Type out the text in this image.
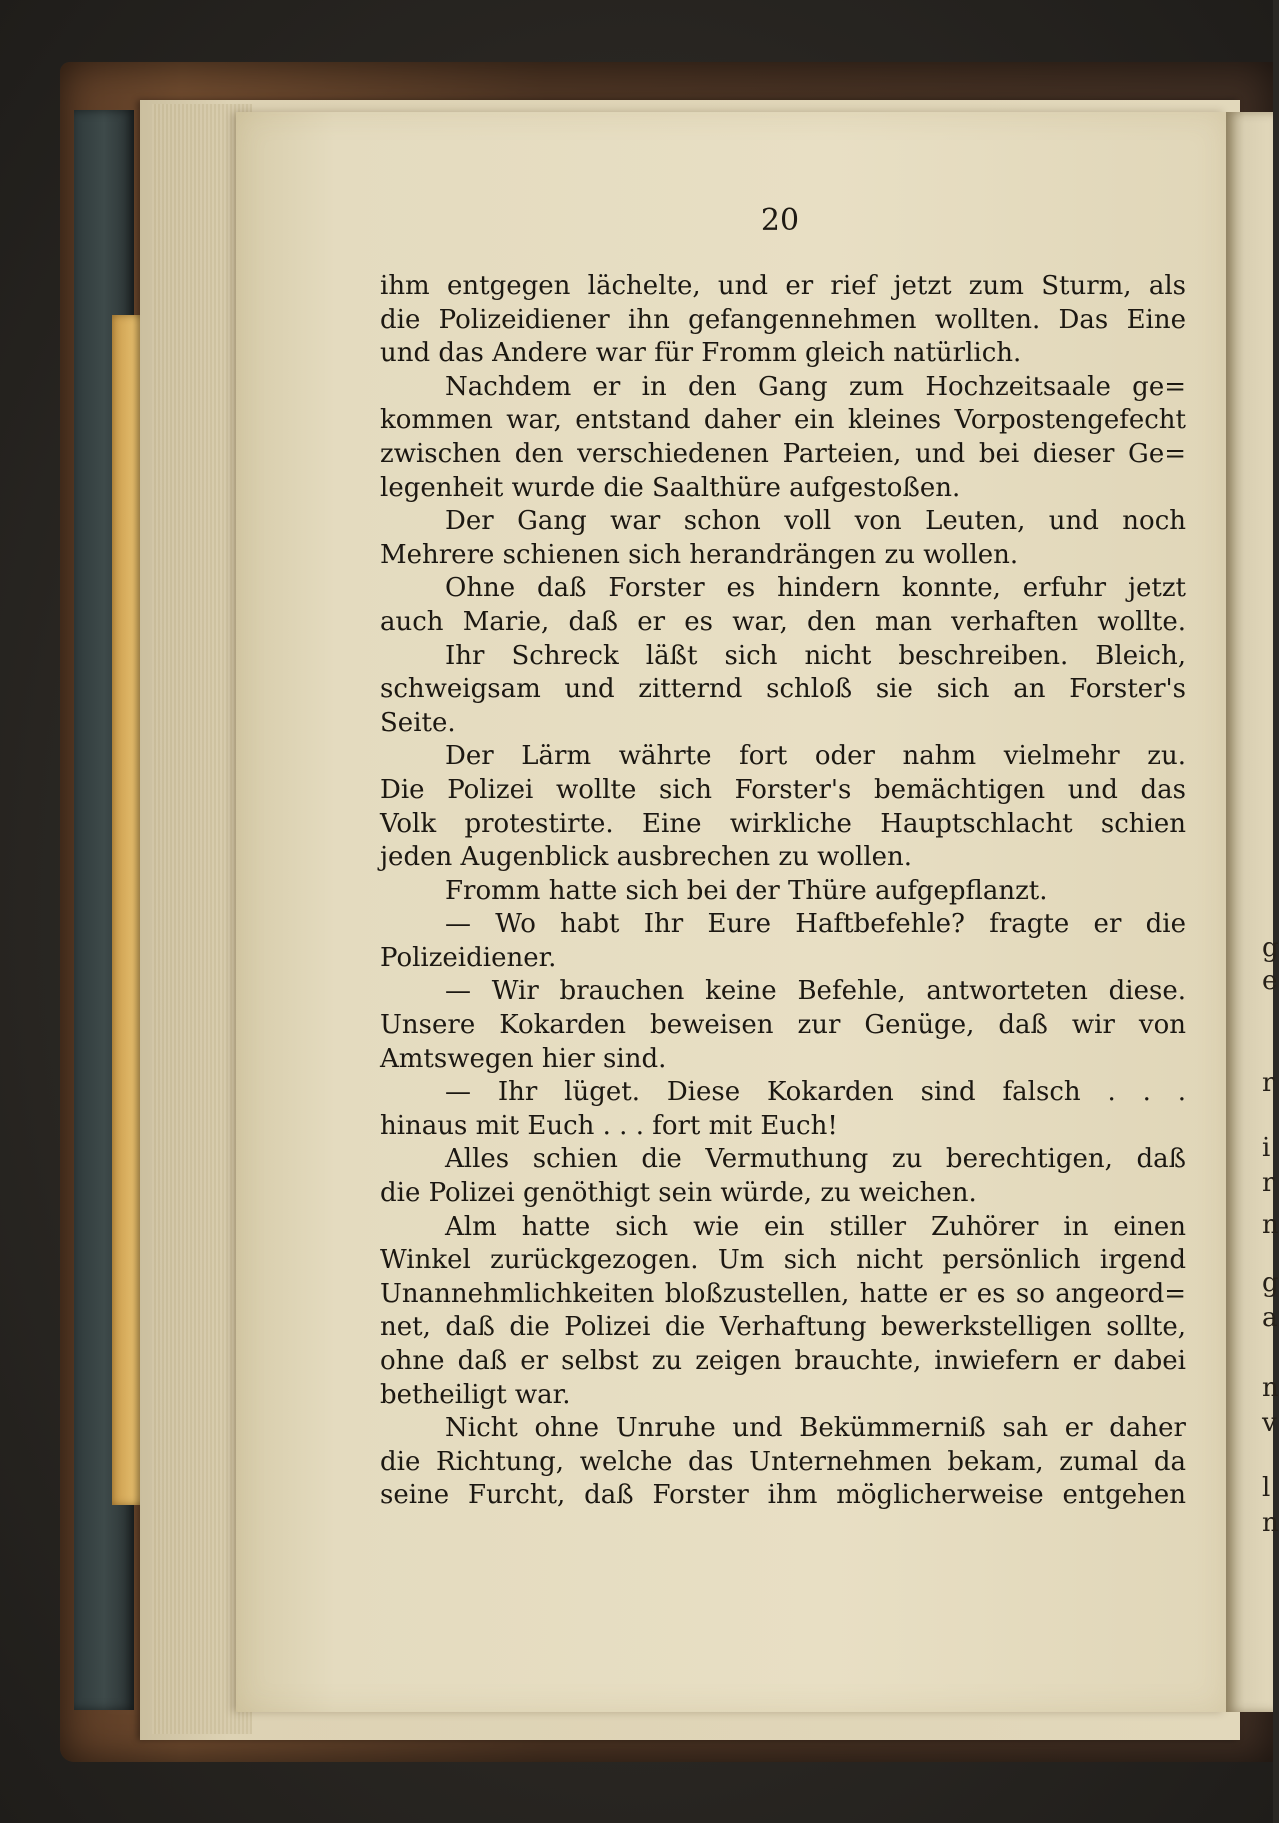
g
e
r
i
r
n
g
a
n
v
l
n
20
ihm entgegen lächelte, und er rief jetzt zum Sturm, als
die Polizeidiener ihn gefangennehmen wollten. Das Eine
und das Andere war für Fromm gleich natürlich.
Nachdem er in den Gang zum Hochzeitsaale ge=
kommen war, entstand daher ein kleines Vorpostengefecht
zwischen den verschiedenen Parteien, und bei dieser Ge=
legenheit wurde die Saalthüre aufgestoßen.
Der Gang war schon voll von Leuten, und noch
Mehrere schienen sich herandrängen zu wollen.
Ohne daß Forster es hindern konnte, erfuhr jetzt
auch Marie, daß er es war, den man verhaften wollte.
Ihr Schreck läßt sich nicht beschreiben. Bleich,
schweigsam und zitternd schloß sie sich an Forster's
Seite.
Der Lärm währte fort oder nahm vielmehr zu.
Die Polizei wollte sich Forster's bemächtigen und das
Volk protestirte. Eine wirkliche Hauptschlacht schien
jeden Augenblick ausbrechen zu wollen.
Fromm hatte sich bei der Thüre aufgepflanzt.
— Wo habt Ihr Eure Haftbefehle? fragte er die
Polizeidiener.
— Wir brauchen keine Befehle, antworteten diese.
Unsere Kokarden beweisen zur Genüge, daß wir von
Amtswegen hier sind.
— Ihr lüget. Diese Kokarden sind falsch . . .
hinaus mit Euch . . . fort mit Euch!
Alles schien die Vermuthung zu berechtigen, daß
die Polizei genöthigt sein würde, zu weichen.
Alm hatte sich wie ein stiller Zuhörer in einen
Winkel zurückgezogen. Um sich nicht persönlich irgend
Unannehmlichkeiten bloßzustellen, hatte er es so angeord=
net, daß die Polizei die Verhaftung bewerkstelligen sollte,
ohne daß er selbst zu zeigen brauchte, inwiefern er dabei
betheiligt war.
Nicht ohne Unruhe und Bekümmerniß sah er daher
die Richtung, welche das Unternehmen bekam, zumal da
seine Furcht, daß Forster ihm möglicherweise entgehen
